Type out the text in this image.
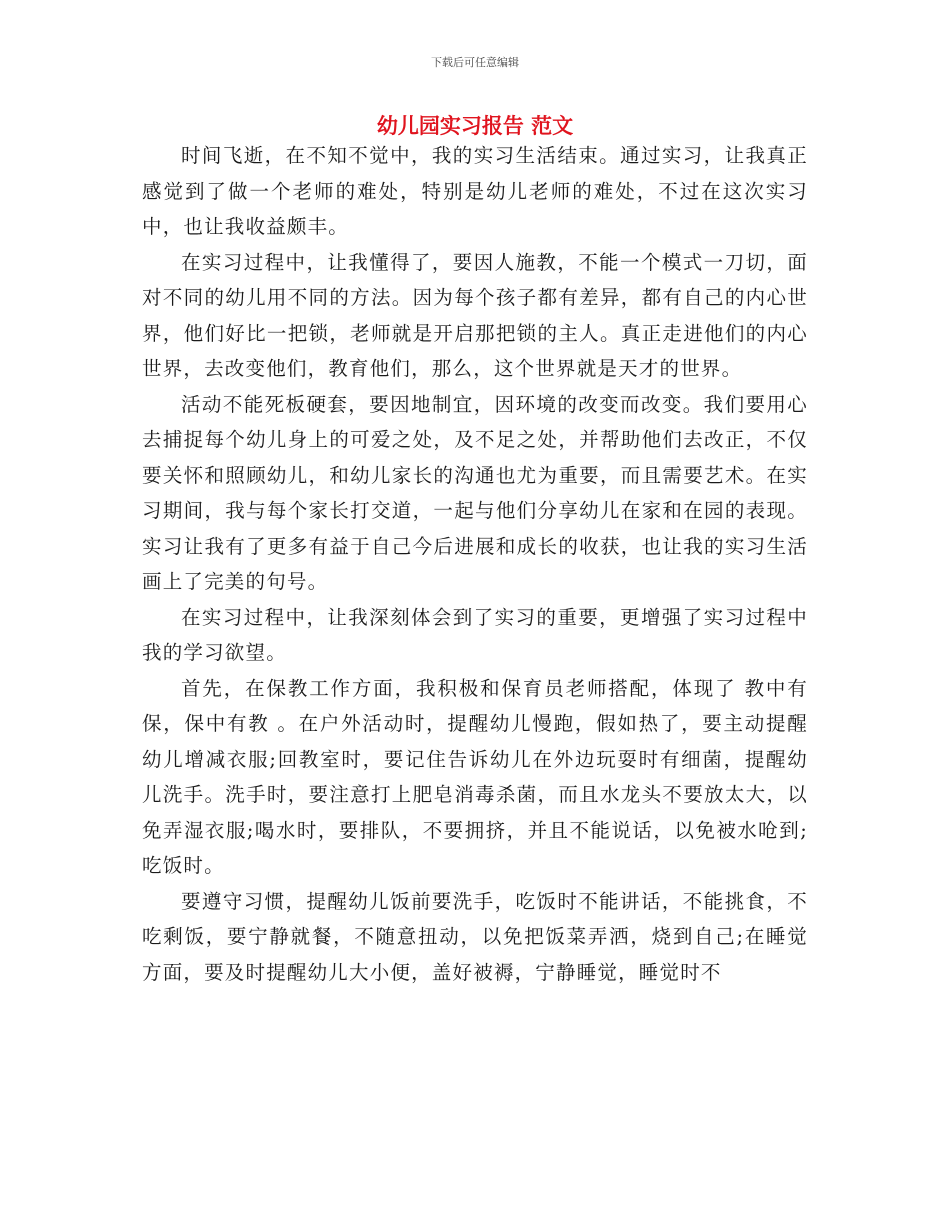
下载后可任意编辑
幼儿园实习报告 范文

时间飞逝，在不知不觉中，我的实习生活结束。通过实习，让我真正感觉到了做一个老师的难处，特别是幼儿老师的难处，不过在这次实习中，也让我收益颇丰。

在实习过程中，让我懂得了，要因人施教，不能一个模式一刀切，面对不同的幼儿用不同的方法。因为每个孩子都有差异，都有自己的内心世界，他们好比一把锁，老师就是开启那把锁的主人。真正走进他们的内心世界，去改变他们，教育他们，那么，这个世界就是天才的世界。

活动不能死板硬套，要因地制宜，因环境的改变而改变。我们要用心去捕捉每个幼儿身上的可爱之处，及不足之处，并帮助他们去改正，不仅要关怀和照顾幼儿，和幼儿家长的沟通也尤为重要，而且需要艺术。在实习期间，我与每个家长打交道，一起与他们分享幼儿在家和在园的表现。实习让我有了更多有益于自己今后进展和成长的收获，也让我的实习生活画上了完美的句号。

在实习过程中，让我深刻体会到了实习的重要，更增强了实习过程中我的学习欲望。

首先，在保教工作方面，我积极和保育员老师搭配，体现了 教中有保，保中有教 。在户外活动时，提醒幼儿慢跑，假如热了，要主动提醒幼儿增减衣服;回教室时，要记住告诉幼儿在外边玩耍时有细菌，提醒幼儿洗手。洗手时，要注意打上肥皂消毒杀菌，而且水龙头不要放太大，以免弄湿衣服;喝水时，要排队，不要拥挤，并且不能说话，以免被水呛到;吃饭时。

要遵守习惯，提醒幼儿饭前要洗手，吃饭时不能讲话，不能挑食，不吃剩饭，要宁静就餐，不随意扭动，以免把饭菜弄洒，烧到自己;在睡觉方面，要及时提醒幼儿大小便，盖好被褥，宁静睡觉，睡觉时不
